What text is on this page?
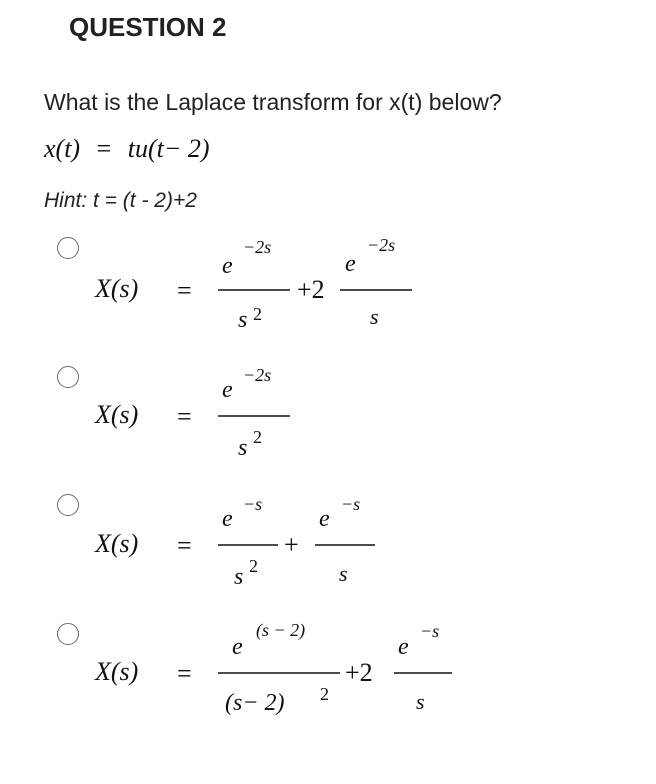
QUESTION 2
What is the Laplace transform for x(t) below?
x(t) = tu(t− 2)
Hint: t = (t - 2)+2
X(s) =
e
−2s
s 2
+2
e
−2s
s
X(s) =
e
−2s
s 2
X(s) =
e
−s
s 2
+
e
−s
s
X(s) =
e
(s − 2)
(s− 2) 2
+2
e
−s
s
